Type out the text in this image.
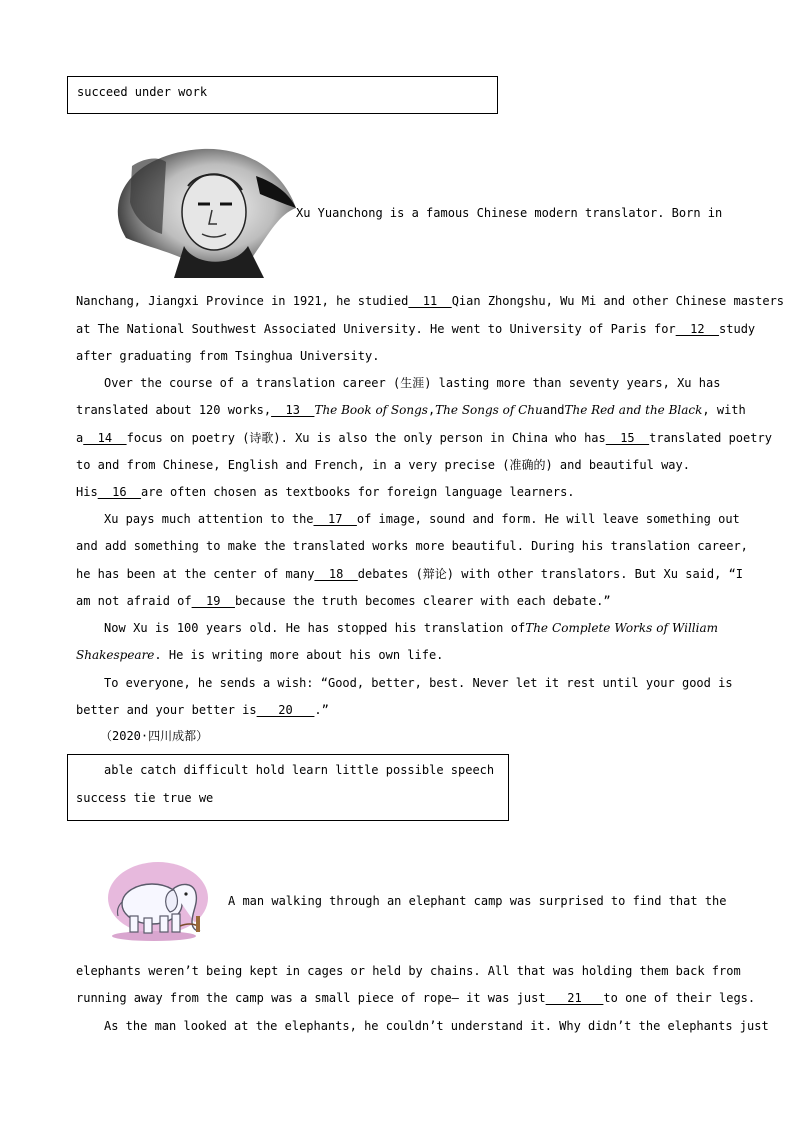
succeed under work
Xu Yuanchong is a famous Chinese modern translator. Born in
Nanchang, Jiangxi Province in 1921, he studied  11  Qian Zhongshu, Wu Mi and other Chinese masters
at The National Southwest Associated University. He went to University of Paris for  12  study
after graduating from Tsinghua University.
Over the course of a translation career (生涯) lasting more than seventy years, Xu has
translated about 120 works,  13  The Book of Songs,The Songs of ChuandThe Red and the Black, with
a  14  focus on poetry (诗歌). Xu is also the only person in China who has  15  translated poetry
to and from Chinese, English and French, in a very precise (准确的) and beautiful way.
His  16  are often chosen as textbooks for foreign language learners.
Xu pays much attention to the  17  of image, sound and form. He will leave something out
and add something to make the translated works more beautiful. During his translation career,
he has been at the center of many  18  debates (辩论) with other translators. But Xu said, “I
am not afraid of  19  because the truth becomes clearer with each debate.”
Now Xu is 100 years old. He has stopped his translation ofThe Complete Works of William
Shakespeare. He is writing more about his own life.
To everyone, he sends a wish: “Good, better, best. Never let it rest until your good is
better and your better is   20   .”
（2020·四川成都）
able catch difficult hold learn little possible speech
success tie true we
A man walking through an elephant camp was surprised to find that the
elephants weren’t being kept in cages or held by chains. All that was holding them back from
running away from the camp was a small piece of rope— it was just   21   to one of their legs.
As the man looked at the elephants, he couldn’t understand it. Why didn’t the elephants just
